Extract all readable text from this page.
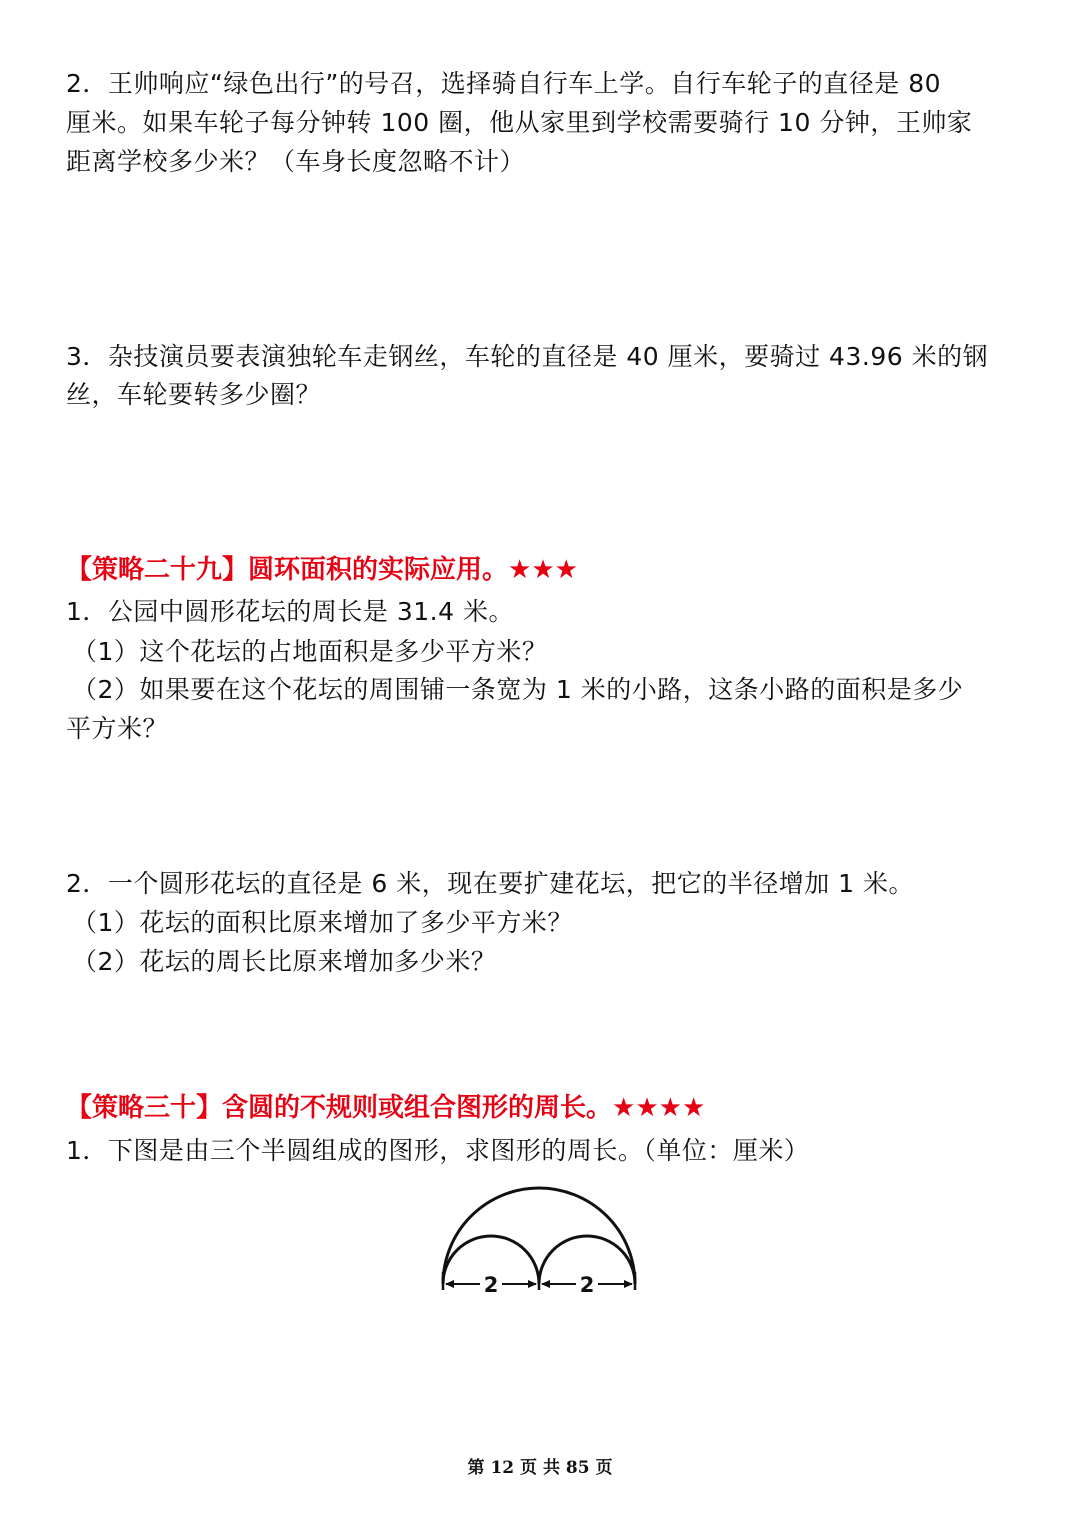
2．王帅响应“绿色出行”的号召，选择骑自行车上学。自行车轮子的直径是 80
厘米。如果车轮子每分钟转 100 圈，他从家里到学校需要骑行 10 分钟，王帅家
距离学校多少米？（车身长度忽略不计）
3．杂技演员要表演独轮车走钢丝，车轮的直径是 40 厘米，要骑过 43.96 米的钢
丝，车轮要转多少圈？
【策略二十九】圆环面积的实际应用。★★★
1．公园中圆形花坛的周长是 31.4 米。
（1）这个花坛的占地面积是多少平方米？
（2）如果要在这个花坛的周围铺一条宽为 1 米的小路，这条小路的面积是多少
平方米？
2．一个圆形花坛的直径是 6 米，现在要扩建花坛，把它的半径增加 1 米。
（1）花坛的面积比原来增加了多少平方米？
（2）花坛的周长比原来增加多少米？
【策略三十】含圆的不规则或组合图形的周长。★★★★
1．下图是由三个半圆组成的图形，求图形的周长。（单位：厘米）
2	2
第 12 页 共 85 页
